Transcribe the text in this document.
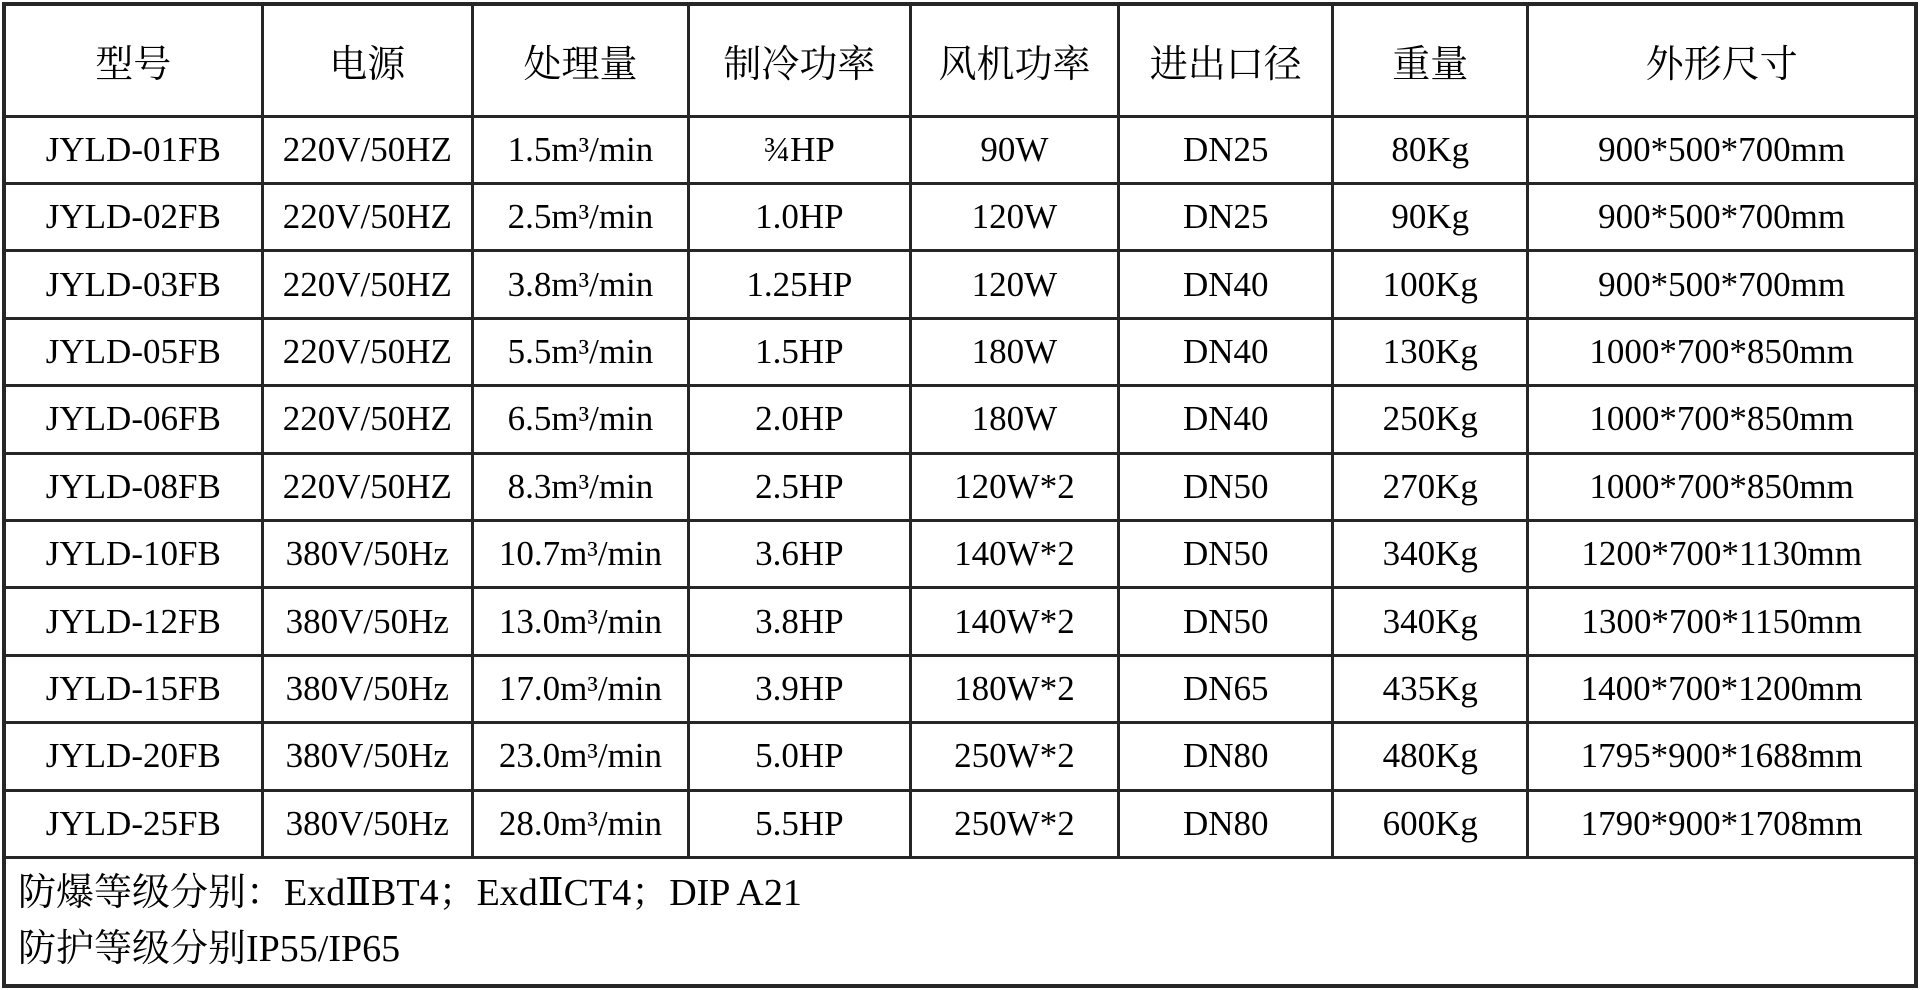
型号	电源	处理量	制冷功率	风机功率	进出口径	重量	外形尺寸
JYLD-01FB	220V/50HZ	1.5m³/min	¾HP	90W	DN25	80Kg	900*500*700mm
JYLD-02FB	220V/50HZ	2.5m³/min	1.0HP	120W	DN25	90Kg	900*500*700mm
JYLD-03FB	220V/50HZ	3.8m³/min	1.25HP	120W	DN40	100Kg	900*500*700mm
JYLD-05FB	220V/50HZ	5.5m³/min	1.5HP	180W	DN40	130Kg	1000*700*850mm
JYLD-06FB	220V/50HZ	6.5m³/min	2.0HP	180W	DN40	250Kg	1000*700*850mm
JYLD-08FB	220V/50HZ	8.3m³/min	2.5HP	120W*2	DN50	270Kg	1000*700*850mm
JYLD-10FB	380V/50Hz	10.7m³/min	3.6HP	140W*2	DN50	340Kg	1200*700*1130mm
JYLD-12FB	380V/50Hz	13.0m³/min	3.8HP	140W*2	DN50	340Kg	1300*700*1150mm
JYLD-15FB	380V/50Hz	17.0m³/min	3.9HP	180W*2	DN65	435Kg	1400*700*1200mm
JYLD-20FB	380V/50Hz	23.0m³/min	5.0HP	250W*2	DN80	480Kg	1795*900*1688mm
JYLD-25FB	380V/50Hz	28.0m³/min	5.5HP	250W*2	DN80	600Kg	1790*900*1708mm

防爆等级分别：ExdⅡBT4；ExdⅡCT4；DIP A21
防护等级分别IP55/IP65							
